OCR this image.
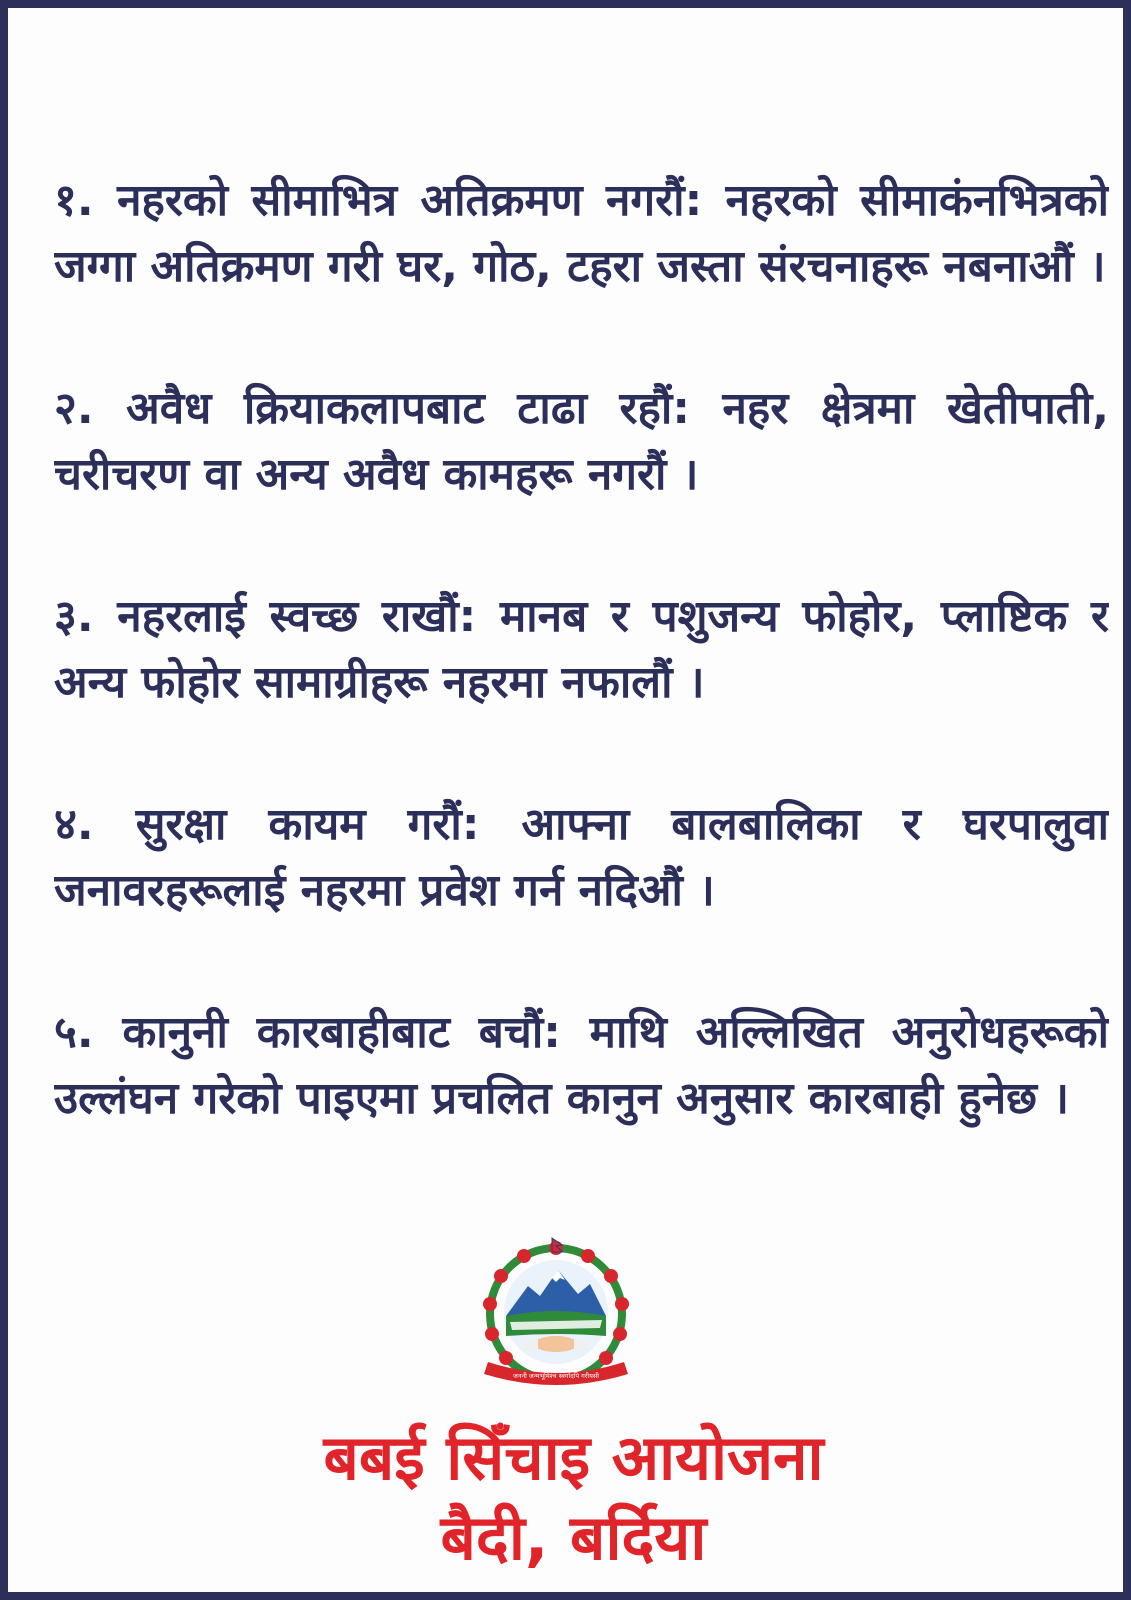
१. नहरको सीमाभित्र अतिक्रमण नगरौं: नहरको सीमाकंनभित्रको जग्गा अतिक्रमण गरी घर, गोठ, टहरा जस्ता संरचनाहरू नबनाऔं ।

२. अवैध क्रियाकलापबाट टाढा रहौं: नहर क्षेत्रमा खेतीपाती, चरीचरण वा अन्य अवैध कामहरू नगरौं ।

३. नहरलाई स्वच्छ राखौं: मानब र पशुजन्य फोहोर, प्लाष्टिक र अन्य फोहोर सामाग्रीहरू नहरमा नफालौं ।

४. सुरक्षा कायम गरौं: आफ्ना बालबालिका र घरपालुवा जनावरहरूलाई नहरमा प्रवेश गर्न नदिऔं ।

५. कानुनी कारबाहीबाट बचौं: माथि अल्लिखित अनुरोधहरूको उल्लंघन गरेको पाइएमा प्रचलित कानुन अनुसार कारबाही हुनेछ ।

जननी जन्मभूमिश्च स्वर्गादपि गरीयसी
बबई सिँचाइ आयोजना
बैदी, बर्दिया
